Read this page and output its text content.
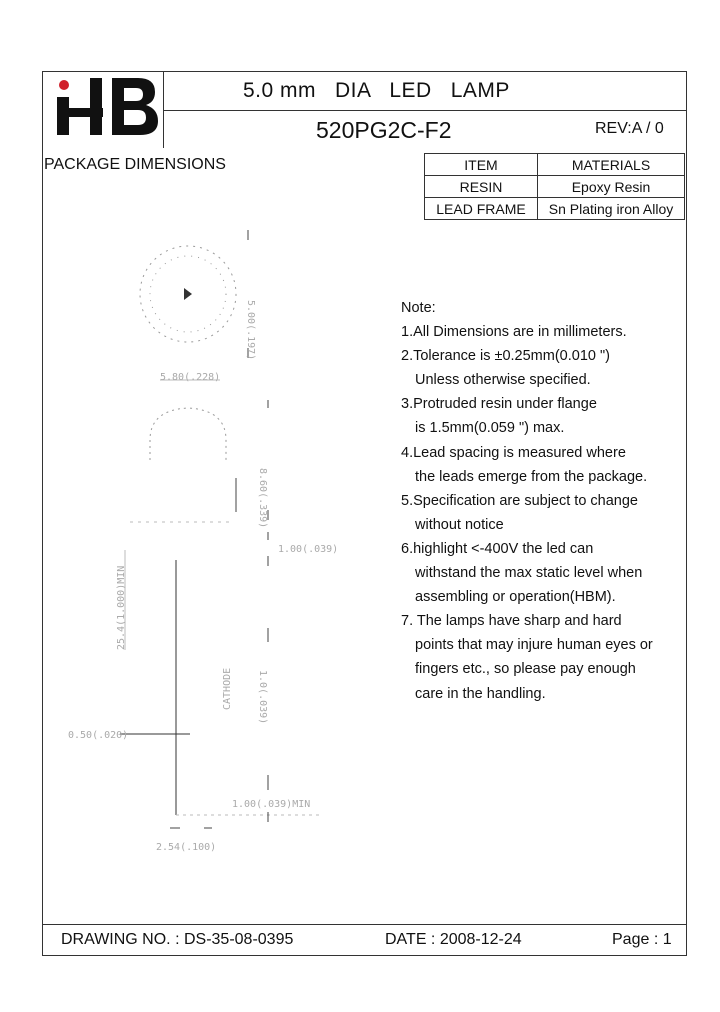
5.0 mm   DIA   LED   LAMP
520PG2C-F2	REV:A / 0
PACKAGE DIMENSIONS	ITEM	MATERIALS
RESIN	Epoxy Resin
LEAD FRAME	Sn Plating iron Alloy
5.80(.228)
5.00(.197)
8.60(.339)
1.00(.039)
25.4(1.000)MIN
1.0(.039)
0.50(.020)
1.00(.039)MIN
2.54(.100)
CATHODE
Note:
1.All Dimensions are in millimeters.
2.Tolerance is ±0.25mm(0.010 ")
Unless otherwise specified.
3.Protruded resin under flange
is 1.5mm(0.059 ") max.
4.Lead spacing is measured where
the leads emerge from the package.
5.Specification are subject to change
without notice
6.highlight <-400V the led can
withstand the max static level when
assembling or operation(HBM).
7. The lamps have sharp and hard
points that may injure human eyes or
fingers etc., so please pay enough
care in the handling.
DRAWING NO. : DS-35-08-0395	DATE : 2008-12-24	Page : 1
